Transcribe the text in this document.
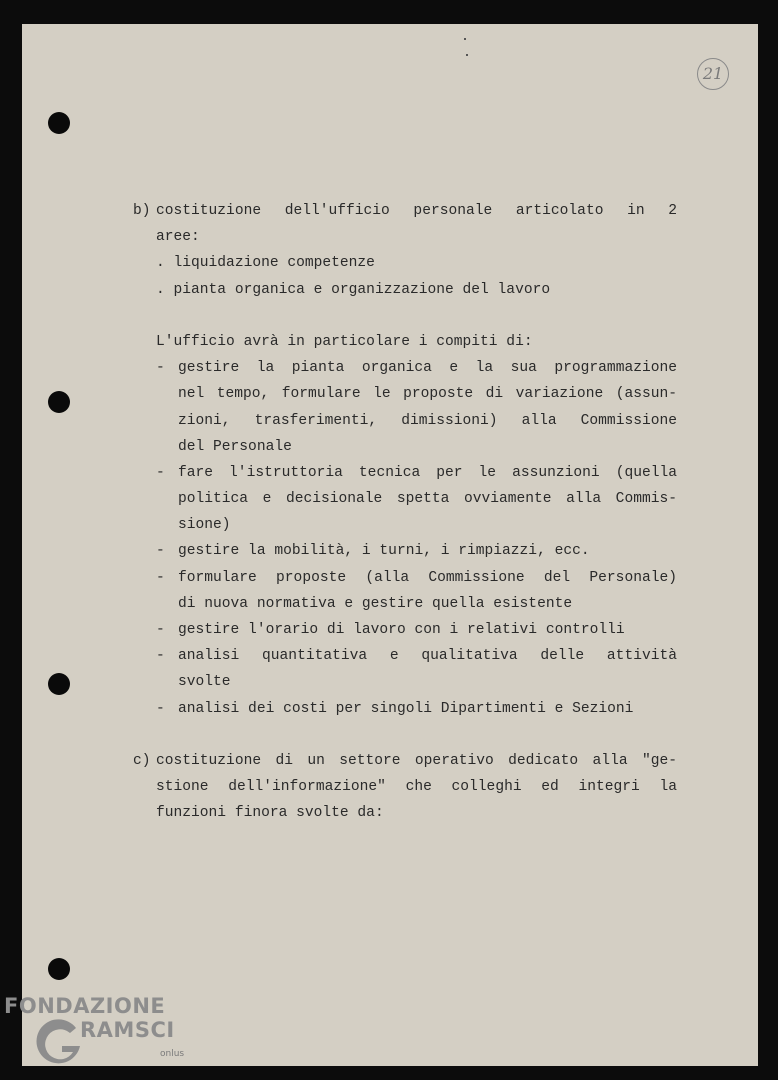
21
b) costituzione dell'ufficio personale articolato in 2
aree:
. liquidazione competenze
. pianta organica e organizzazione del lavoro
L'ufficio avrà in particolare i compiti di:
- gestire la pianta organica e la sua programmazione
nel tempo, formulare le proposte di variazione (assun-
zioni, trasferimenti, dimissioni) alla Commissione
del Personale
- fare l'istruttoria tecnica per le assunzioni (quella
politica e decisionale spetta ovviamente alla Commis-
sione)
- gestire la mobilità, i turni, i rimpiazzi, ecc.
- formulare proposte (alla Commissione del Personale)
di nuova normativa e gestire quella esistente
- gestire l'orario di lavoro con i relativi controlli
- analisi quantitativa e qualitativa delle attività
svolte
- analisi dei costi per singoli Dipartimenti e Sezioni
c) costituzione di un settore operativo dedicato alla "ge-
stione dell'informazione" che colleghi ed integri la
funzioni finora svolte da:
FONDAZIONE
RAMSCI
onlus
